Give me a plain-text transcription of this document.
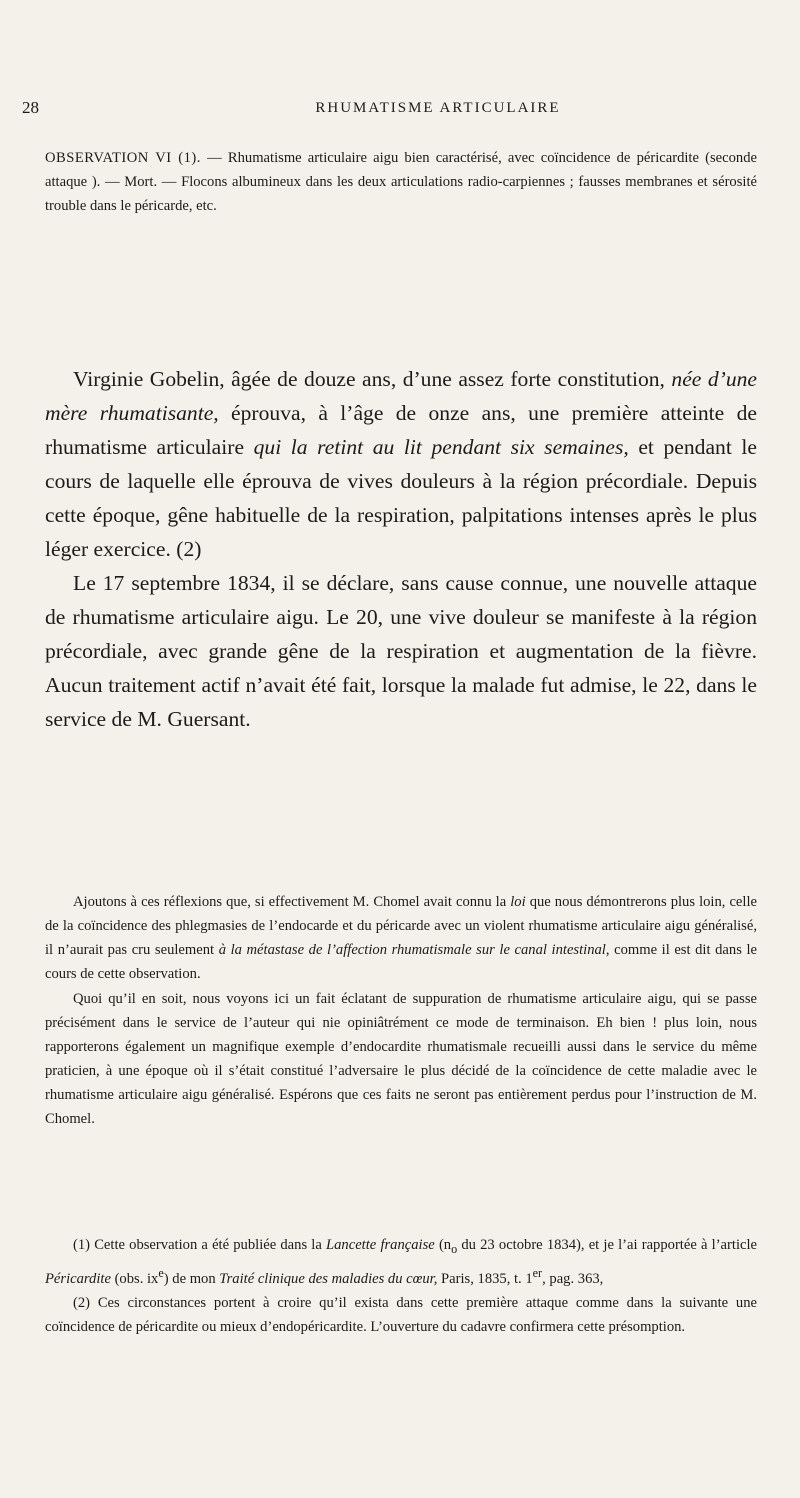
28	RHUMATISME ARTICULAIRE
OBSERVATION VI (1). — Rhumatisme articulaire aigu bien caractérisé, avec coïncidence de péricardite (seconde attaque ). — Mort. — Flocons albumineux dans les deux articulations radio-carpiennes ; fausses membranes et sérosité trouble dans le péricarde, etc.

Virginie Gobelin, âgée de douze ans, d’une assez forte constitution, née d’une mère rhumatisante, éprouva, à l’âge de onze ans, une première atteinte de rhumatisme articulaire qui la retint au lit pendant six semaines, et pendant le cours de laquelle elle éprouva de vives douleurs à la région précordiale. Depuis cette époque, gêne habituelle de la respiration, palpitations intenses après le plus léger exercice. (2)

Le 17 septembre 1834, il se déclare, sans cause connue, une nouvelle attaque de rhumatisme articulaire aigu. Le 20, une vive douleur se manifeste à la région précordiale, avec grande gêne de la respiration et augmentation de la fièvre. Aucun traitement actif n’avait été fait, lorsque la malade fut admise, le 22, dans le service de M. Guersant.

Ajoutons à ces réflexions que, si effectivement M. Chomel avait connu la loi que nous démontrerons plus loin, celle de la coïncidence des phlegmasies de l’endocarde et du péricarde avec un violent rhumatisme articulaire aigu généralisé, il n’aurait pas cru seulement à la métastase de l’affection rhumatismale sur le canal intestinal, comme il est dit dans le cours de cette observation.

Quoi qu’il en soit, nous voyons ici un fait éclatant de suppuration de rhumatisme articulaire aigu, qui se passe précisément dans le service de l’auteur qui nie opiniâtrément ce mode de terminaison. Eh bien ! plus loin, nous rapporterons également un magnifique exemple d’endocardite rhumatismale recueilli aussi dans le service du même praticien, à une époque où il s’était constitué l’adversaire le plus décidé de la coïncidence de cette maladie avec le rhumatisme articulaire aigu généralisé. Espérons que ces faits ne seront pas entièrement perdus pour l’instruction de M. Chomel.

(1) Cette observation a été publiée dans la Lancette française ($n_o$ du 23 octobre 1834), et je l’ai rapportée à l’article Péricardite (obs. $ix^e$) de mon Traité clinique des maladies du cœur, Paris, 1835, t. 1er, pag. 363,

(2) Ces circonstances portent à croire qu’il exista dans cette première attaque comme dans la suivante une coïncidence de péricardite ou mieux d’endopéricardite. L’ouverture du cadavre confirmera cette présomption.
